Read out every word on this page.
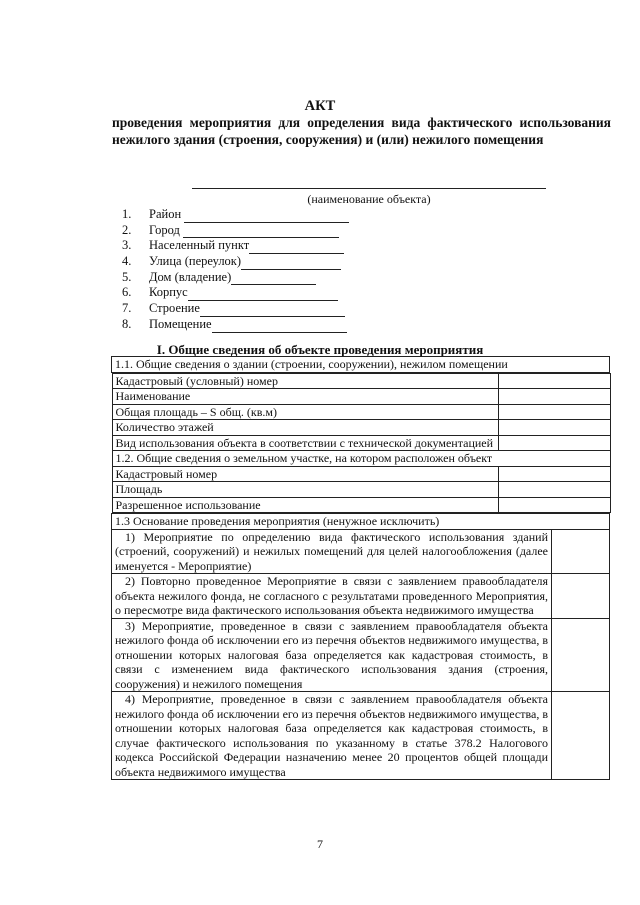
АКТ
проведения мероприятия для определения вида фактического использования нежилого здания (строения, сооружения) и (или) нежилого помещения
(наименование объекта)
1.	Район

2.	Город

3.	Населенный пункт
4.	Улица (переулок)
5.	Дом (владение)
6.	Корпус
7.	Строение
8.	Помещение
I. Общие сведения об объекте проведения мероприятия
1.1. Общие сведения о здании (строении, сооружении), нежилом помещении

Кадастровый (условный) номер	
Наименование	
Общая площадь – S общ. (кв.м)	
Количество этажей	
Вид использования объекта в соответствии с технической документацией	
1.2. Общие сведения о земельном участке, на котором расположен объект
Кадастровый номер	
Площадь	
Разрешенное использование	

1.3 Основание проведения мероприятия (ненужное исключить)
1) Мероприятие по определению вида фактического использования зданий (строений, сооружений) и нежилых помещений для целей налогообложения (далее именуется - Мероприятие)	
2) Повторно проведенное Мероприятие в связи с заявлением правообладателя объекта нежилого фонда, не согласного с результатами проведенного Мероприятия, о пересмотре вида фактического использования объекта недвижимого имущества	
3) Мероприятие, проведенное в связи с заявлением правообладателя объекта нежилого фонда об исключении его из перечня объектов недвижимого имущества, в отношении которых налоговая база определяется как кадастровая стоимость, в связи с изменением вида фактического использования здания (строения, сооружения) и нежилого помещения	
4) Мероприятие, проведенное в связи с заявлением правообладателя объекта нежилого фонда об исключении его из перечня объектов недвижимого имущества, в отношении которых налоговая база определяется как кадастровая стоимость, в случае фактического использования по указанному в статье 378.2 Налогового кодекса Российской Федерации назначению менее 20 процентов общей площади объекта недвижимого имущества	
7
